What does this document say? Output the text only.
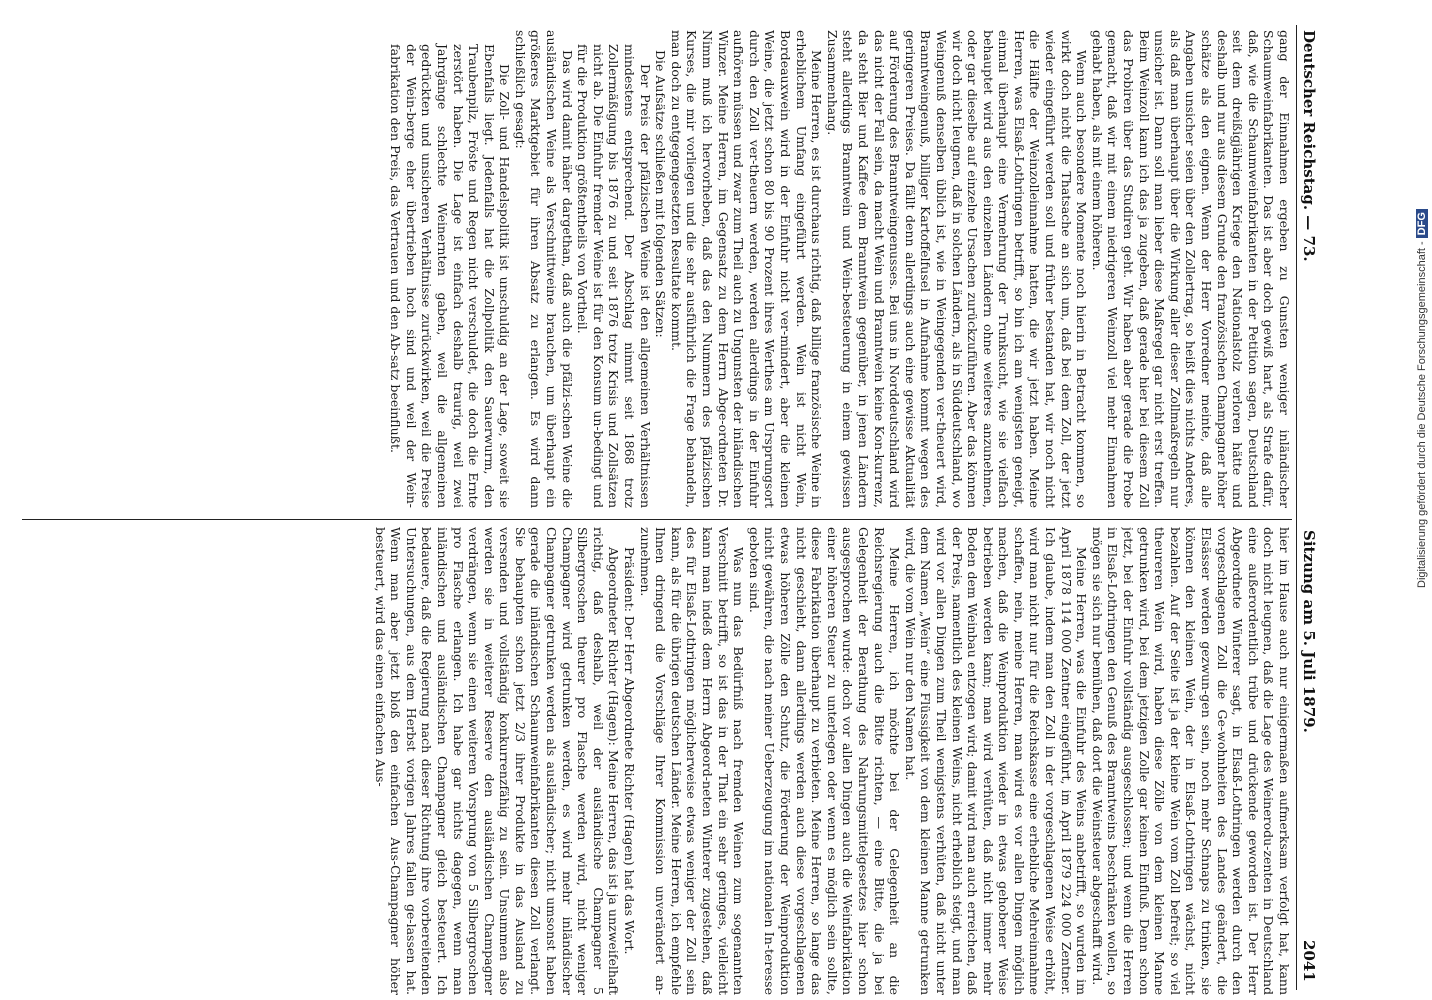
Deutscher Reichstag. — 73.
Sitzung am 5. Juli 1879.
2041

hier im Hause auch nur einigermaßen aufmerksam verfolgt hat, kann doch nicht leugnen, daß die Lage des Weinerodu-zenten in Deutschland eine außerordentlich trübe und drückende geworden ist. Der Herr Abgeordnete Winterer sagt, in Elsaß-Lothringen werden durch den vorgeschlagenen Zoll die Ge-wohnheiten des Landes geändert, die Elsässer werden gezwun-gen sein, noch mehr Schnaps zu trinken, sie können den kleinen Wein, der in Elsaß-Lothringen wächst, nicht bezahlen. Auf der Seite ist ja der kleine Wein vom Zoll befreit; so viel theureren Wein wird, haben diese Zölle von dem kleinen Manne getrunken wird, bei dem jetzigen Zolle gar keinen Einfluß. Denn schon jetzt, bei der Einfuhr vollständig ausgeschlossen; und wenn die Herren in Elsaß-Lothringen den Genuß des Branntweins beschränken wollen, so mögen sie sich nur bemühen, daß dort die Weinsteuer abgeschafft wird.

Meine Herren, was die Einfuhr des Weins anbetrifft, so wurden im April 1878 114 000 Zentner eingeführt, im April 1879 224 000 Zentner. Ich glaube, indem man den Zoll in der vorgeschlagenen Weise erhöht, wird man nicht nur für die Reichskasse eine erhebliche Mehreinnahme schaffen, nein, meine Herren, man wird es vor allen Dingen möglich machen, daß die Weinproduktion wieder in etwas gehobener Weise betrieben werden kann; man wird verhüten, daß nicht immer mehr Boden dem Weinbau entzogen wird; damit wird man auch erreichen, daß der Preis, namentlich des kleinen Weins, nicht erheblich steigt, und man wird vor allen Dingen zum Theil wenigstens verhüten, daß nicht unter dem Namen „Wein“ eine Flüssigkeit von dem kleinen Manne getrunken wird, die vom Wein nur den Namen hat.

Meine Herren, ich möchte bei der Gelegenheit an die Reichsregierung auch die Bitte richten, — eine Bitte, die ja bei Gelegenheit der Berathung des Nahrungsmittelgesetzes hier schon ausgesprochen wurde: doch vor allen Dingen auch die Weinfabrikation einer höheren Steuer zu unterlegen oder wenn es möglich sein sollte, diese Fabrikation überhaupt zu verbieten. Meine Herren, so lange das nicht geschieht, dann allerdings werden auch diese vorgeschlagenen etwas höheren Zölle den Schutz, die Förderung der Weinproduktion nicht gewähren, die nach meiner Ueberzeugung im nationalen In-teresse geboten sind.

Was nun das Bedürfniß nach fremden Weinen zum sogenannten Verschnitt betrifft, so ist das in der That ein sehr geringes, vielleicht kann man indeß dem Herrn Abgeord-neten Winterer zugestehen, daß des für Elsaß-Lothringen möglicherweise etwas weniger der Zoll sein kann, als für die übrigen deutschen Länder. Meine Herren, ich empfehle Ihnen dringend die Vorschläge Ihrer Kommission unverändert an-zunehmen.

Präsident: Der Herr Abgeordnete Richter (Hagen) hat das Wort.

Abgeordneter Richter (Hagen): Meine Herren, das ist ja unzweifelhaft richtig, daß deshalb, weil der ausländische Champagner 5 Silbergroschen theurer pro Flasche werden wird, nicht weniger Champagner wird getrunken werden, es wird mehr inländischer Champagner getrunken werden als ausländischer; nicht umsonst haben gerade die inländischen Schaumweinfabrikanten diesen Zoll verlangt. Sie behaupten schon jetzt 2/3 ihrer Produkte in das Ausland zu versenden und vollständig konkurrenzfähig zu sein. Unsummen also werden sie in weiterer Reserve den ausländischen Champagner verdrängen, wenn sie einen weiteren Vorsprung von 5 Silbergroschen pro Flasche erlangen. Ich habe gar nichts dagegen, wenn man inländischen und ausländischen Champagner gleich besteuert. Ich bedauere, daß die Regierung nach dieser Richtung ihre vorbereitenden Untersuchungen, aus dem Herbst vorigen Jahres fallen ge-lassen hat. Wenn man aber jetzt bloß den einfachen Aus-Champagner höher besteuert, wird das einen einfachen Aus-

gang der Einnahmen ergeben zu Gunsten weniger inländischer Schaumweinfabrikanten. Das ist aber doch gewiß hart, als Strafe dafür, daß, wie die Schaumweinfabrikanten in der Petition sagen, Deutschland seit dem dreißigjährigen Kriege den Nationalstolz verloren hätte und deshalb und nur aus diesem Grunde den französischen Champagner höher schätze als den eignen. Wenn der Herr Vorredner meinte, daß alle Angaben unsicher seien über den Zollertrag, so heißt dies nichts Anderes, als daß man überhaupt über die Wirkung aller dieser Zollmaßregeln nur unsicher ist. Dann soll man lieber diese Maßregel gar nicht erst treffen. Beim Weinzoll kann ich das ja zugeben, daß gerade hier bei diesem Zoll das Probiren über das Studiren geht. Wir haben aber gerade die Probe gemacht, daß wir mit einem niedrigeren Weinzoll viel mehr Einnahmen gehabt haben, als mit einem höheren.

Wenn auch besondere Momente noch hierin in Betracht kommen, so wirkt doch nicht die Thatsache an sich um, daß bei dem Zoll, der jetzt wieder eingeführt werden soll und früher bestanden hat, wir noch nicht die Hälfte der Weinzolleinnahme hatten, die wir jetzt haben. Meine Herren, was Elsaß-Lothringen betrifft, so bin ich am wenigsten geneigt, einmal überhaupt eine Vermehrung der Trunksucht, wie sie vielfach behauptet wird aus den einzelnen Ländern ohne weiteres anzunehmen, oder gar dieselbe auf einzelne Ursachen zurückzuführen. Aber das können wir doch nicht leugnen, daß in solchen Ländern, als in Süddeutschland, wo Weingenuß denselben üblich ist, wie in Weingegenden ver-theuert wird, Branntweingenuß, billiger Kartoffelfusel in Aufnahme kommt wegen des geringeren Preises. Da fällt denn allerdings auch eine gewisse Aktualität auf Förderung des Branntweingenusses. Bei uns in Norddeutschland wird das nicht der Fall sein, da macht Wein und Branntwein keine Kon-kurrenz, da steht Bier und Kaffee dem Branntwein gegenüber, in jenen Ländern steht allerdings Branntwein und Wein-besteuerung in einem gewissen Zusammenhang.

Meine Herren, es ist durchaus richtig, daß billige französische Weine in erheblichem Umfang eingeführt werden. Wein ist nicht Wein, Bordeauxwein wird in der Einfuhr nicht ver-mindert, aber die kleinen Weine, die jetzt schon 80 bis 90 Prozent ihres Werthes am Ursprungsort durch den Zoll ver-theuern werden, werden allerdings in der Einfuhr aufhören müssen und zwar zum Theil auch zu Ungunsten der inländischen Winzer. Meine Herren, im Gegensatz zu dem Herrn Abge-ordneten Dr. Nimm muß ich hervorheben, daß das den Nummern des pfälzischen Kurses, die mir vorliegen und die sehr ausführlich die Frage behandeln, man doch zu entgegengesetzten Resultate kommt.

Die Aufsätze schließen mit folgenden Sätzen:

Der Preis der pfälzischen Weine ist den allgemeinen Verhältnissen mindestens entsprechend. Der Abschlag nimmt seit 1868 trotz Zollermäßigung bis 1876 zu und seit 1876 trotz Krisis und Zollsätzen nicht ab. Die Einfuhr fremder Weine ist für den Konsum un-bedingt und für die Produktion größtentheils von Vortheil.

Das wird damit näher dargethan, daß auch die pfälzi-schen Weine die ausländischen Weine als Verschnittweine brauchen, um überhaupt ein größeres Marktgebiet für ihren Absatz zu erlangen. Es wird dann schließlich gesagt:

Die Zoll- und Handelspolitik ist unschuldig an der Lage, soweit sie Ebenfalls liegt. Jedenfalls hat die Zollpolitik den Sauerwurm, den Traubenpilz, Fröste und Regen nicht verschuldet, die doch die Ernte zerstört haben. Die Lage ist einfach deshalb traurig, weil zwei Jahrgänge schlechte Weinernten gaben, weil die allgemeinen gedrückten und unsicheren Verhältnisse zurückwirken, weil die Preise der Wein-berge eher übertrieben hoch sind und weil der Wein-fabrikation den Preis, das Vertrauen und den Ab-satz beeinflußt.	Digitalisierung gefördert durch die Deutsche Forschungsgemeinschaft -DFG
